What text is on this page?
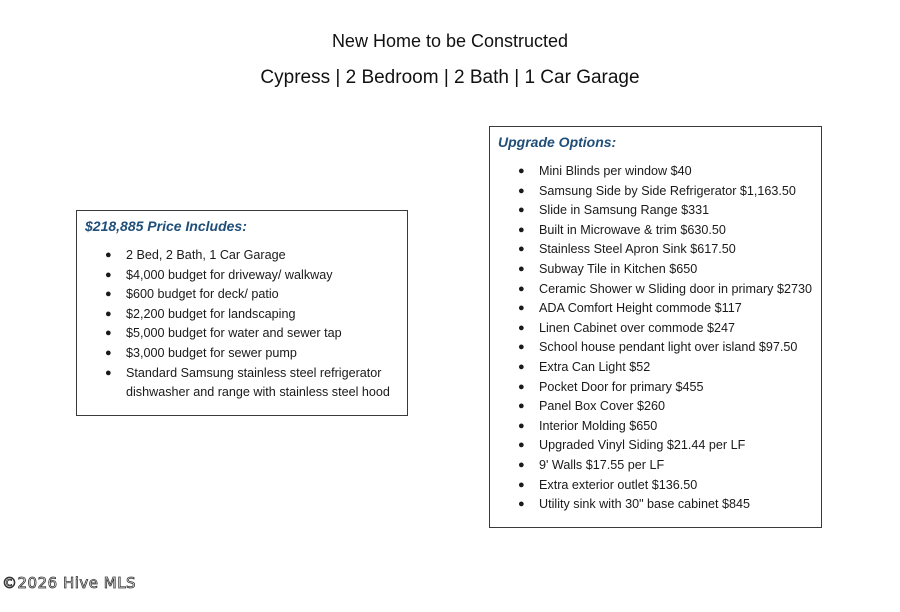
New Home to be Constructed
Cypress | 2 Bedroom | 2 Bath | 1 Car Garage
$218,885 Price Includes:
● 2 Bed, 2 Bath, 1 Car Garage
● $4,000 budget for driveway/ walkway
● $600 budget for deck/ patio
● $2,200 budget for landscaping
● $5,000 budget for water and sewer tap
● $3,000 budget for sewer pump
● Standard Samsung stainless steel refrigerator dishwasher and range with stainless steel hood
Upgrade Options:
● Mini Blinds per window $40
● Samsung Side by Side Refrigerator $1,163.50
● Slide in Samsung Range $331
● Built in Microwave & trim $630.50
● Stainless Steel Apron Sink $617.50
● Subway Tile in Kitchen $650
● Ceramic Shower w Sliding door in primary $2730
● ADA Comfort Height commode $117
● Linen Cabinet over commode $247
● School house pendant light over island $97.50
● Extra Can Light $52
● Pocket Door for primary $455
● Panel Box Cover $260
● Interior Molding $650
● Upgraded Vinyl Siding $21.44 per LF
● 9' Walls $17.55 per LF
● Extra exterior outlet $136.50
● Utility sink with 30" base cabinet $845
©2026 Hive MLS
